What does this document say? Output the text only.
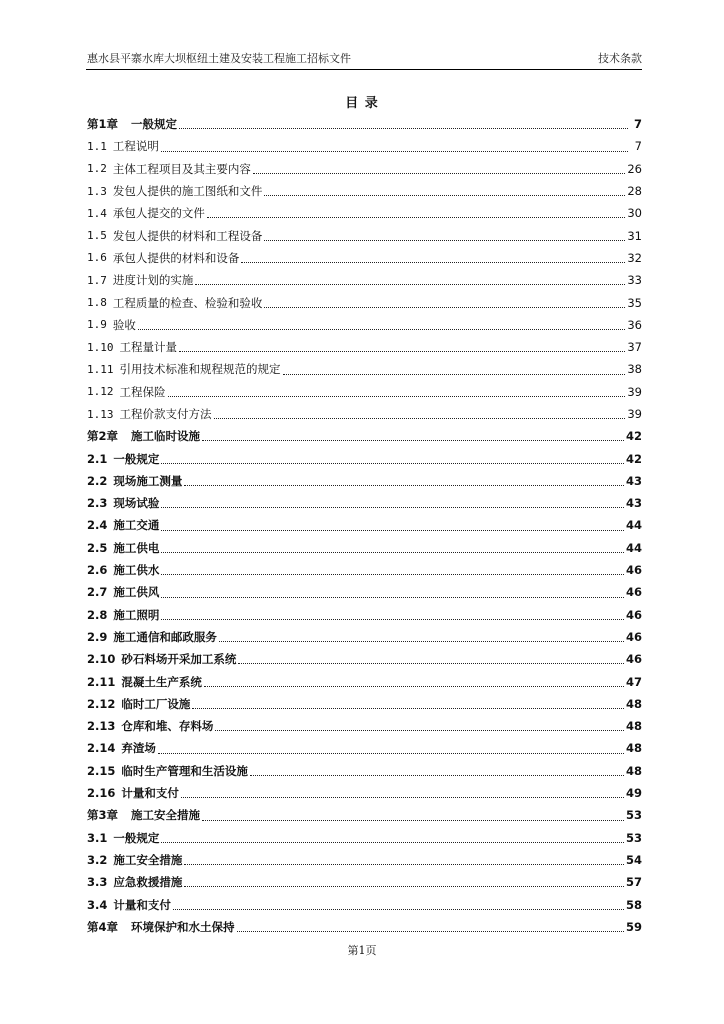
惠水县平寨水库大坝枢纽土建及安装工程施工招标文件	技术条款
目 录
第1章 一般规定	7
1.1 工程说明	7
1.2 主体工程项目及其主要内容	26
1.3 发包人提供的施工图纸和文件	28
1.4 承包人提交的文件	30
1.5 发包人提供的材料和工程设备	31
1.6 承包人提供的材料和设备	32
1.7 进度计划的实施	33
1.8 工程质量的检查、检验和验收	35
1.9 验收	36
1.10 工程量计量	37
1.11 引用技术标准和规程规范的规定	38
1.12 工程保险	39
1.13 工程价款支付方法	39
第2章 施工临时设施	42
2.1 一般规定	42
2.2 现场施工测量	43
2.3 现场试验	43
2.4 施工交通	44
2.5 施工供电	44
2.6 施工供水	46
2.7 施工供风	46
2.8 施工照明	46
2.9 施工通信和邮政服务	46
2.10 砂石料场开采加工系统	46
2.11 混凝土生产系统	47
2.12 临时工厂设施	48
2.13 仓库和堆、存料场	48
2.14 弃渣场	48
2.15 临时生产管理和生活设施	48
2.16 计量和支付	49
第3章 施工安全措施	53
3.1 一般规定	53
3.2 施工安全措施	54
3.3 应急救援措施	57
3.4 计量和支付	58
第4章 环境保护和水土保持	59
第1页
